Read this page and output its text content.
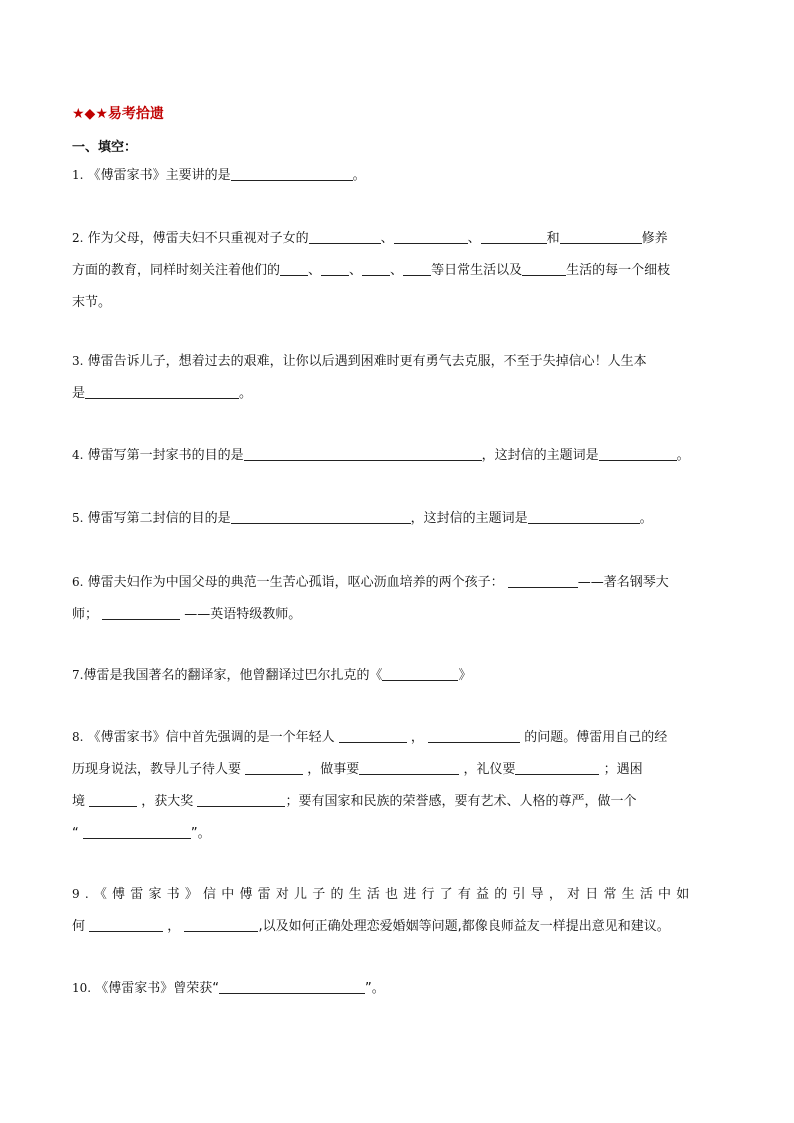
★◆★易考拾遗
一、填空：
1. 《傅雷家书》主要讲的是	。
2. 作为父母，傅雷夫妇不只重视对子女的	、	、	和	修养
方面的教育，同样时刻关注着他们的 、 、 、 等日常生活以及	生活的每一个细枝
末节。
3. 傅雷告诉儿子，想着过去的艰难，让你以后遇到困难时更有勇气去克服，不至于失掉信心！人生本
是	。
4. 傅雷写第一封家书的目的是	，这封信的主题词是	。
5. 傅雷写第二封信的目的是	，这封信的主题词是	。
6. 傅雷夫妇作为中国父母的典范一生苦心孤诣，呕心沥血培养的两个孩子：	——著名钢琴大
师；	——英语特级教师。
7.傅雷是我国著名的翻译家，他曾翻译过巴尔扎克的《	》
8. 《傅雷家书》信中首先强调的是一个年轻人	，	的问题。傅雷用自己的经
历现身说法，教导儿子待人要	，做事要	，礼仪要	；遇困
境	，获大奖	；要有国家和民族的荣誉感，要有艺术、人格的尊严，做一个
“	”。
9.《傅雷家书》信中傅雷对儿子的生活也进行了有益的引导，对日常生活中如
何	，	,以及如何正确处理恋爱婚姻等问题,都像良师益友一样提出意见和建议。
10. 《傅雷家书》曾荣获“	”。
